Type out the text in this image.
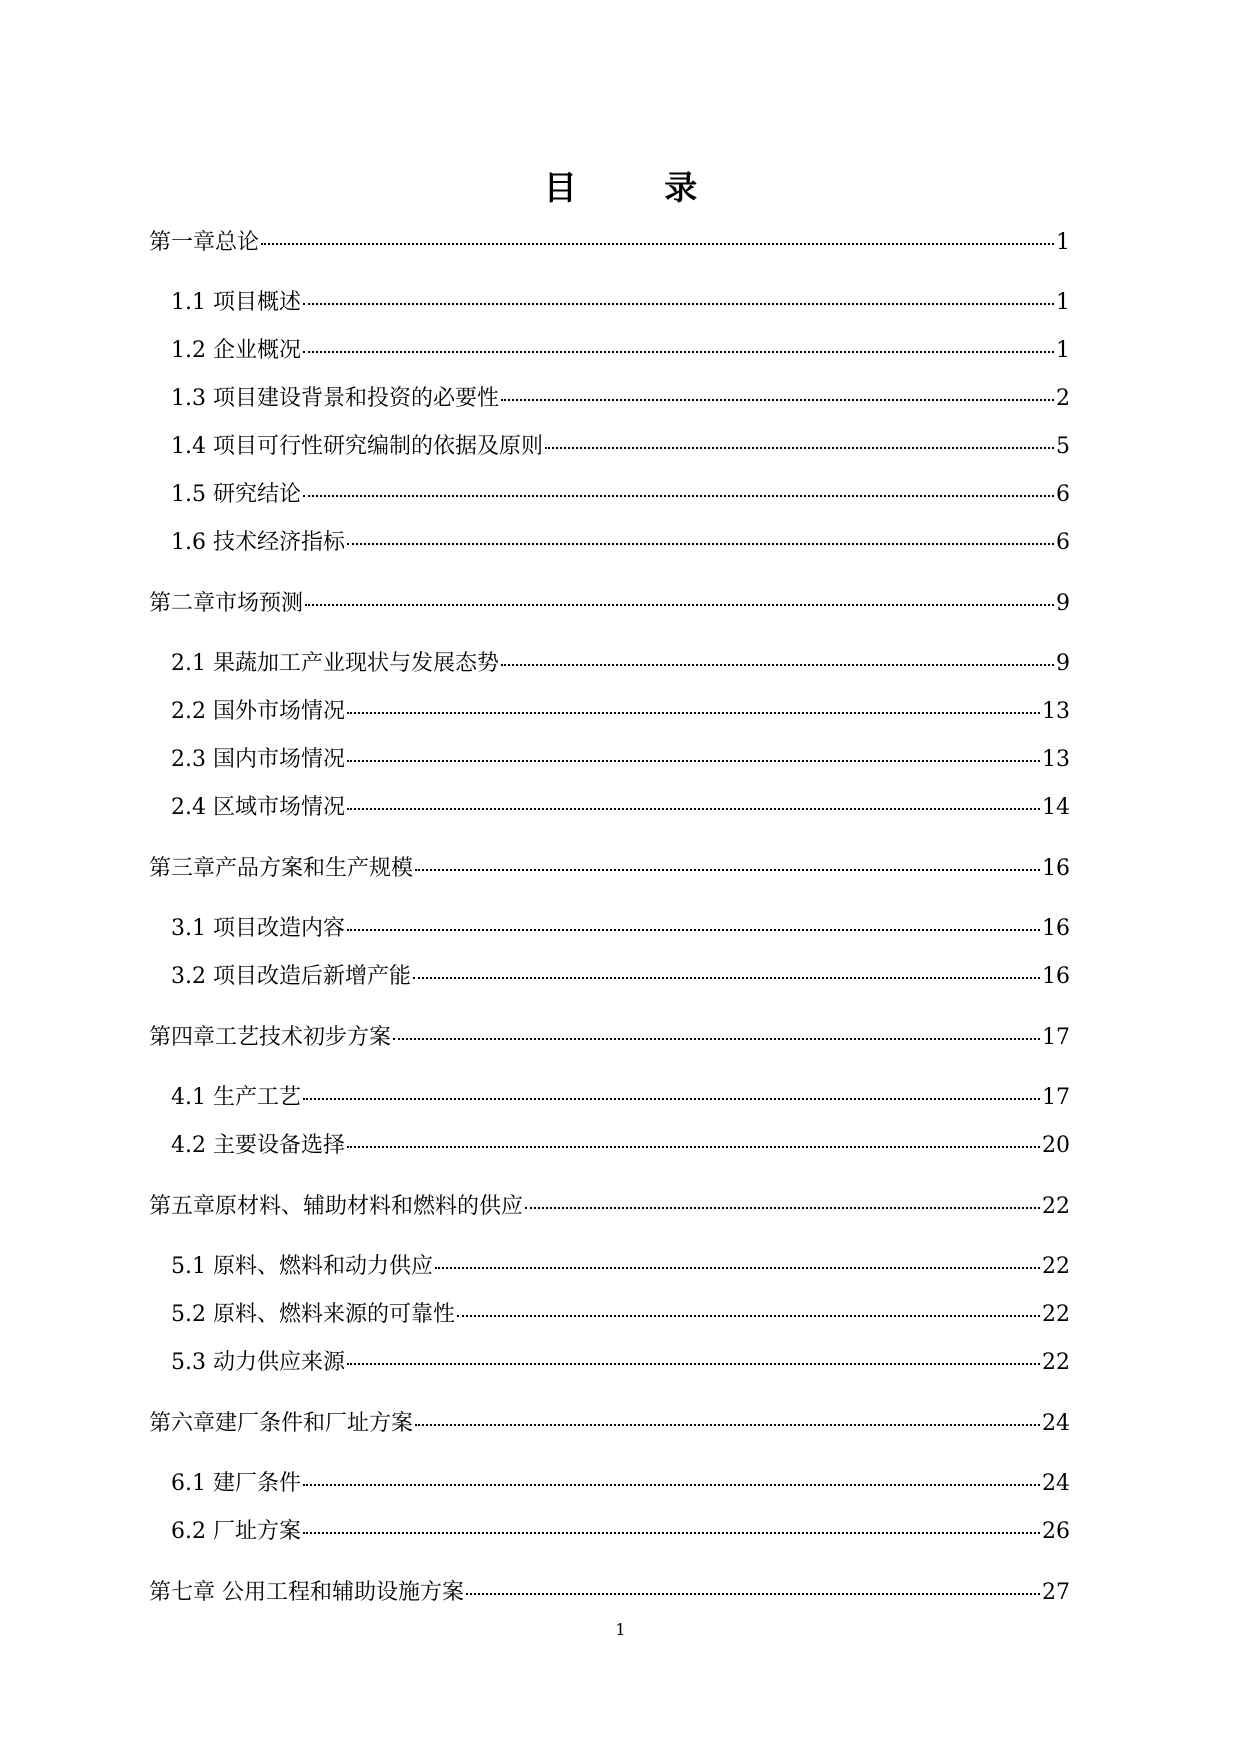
目 录
第一章总论	1
1.1 项目概述	1
1.2 企业概况	1
1.3 项目建设背景和投资的必要性	2
1.4 项目可行性研究编制的依据及原则	5
1.5 研究结论	6
1.6 技术经济指标	6
第二章市场预测	9
2.1 果蔬加工产业现状与发展态势	9
2.2 国外市场情况	13
2.3 国内市场情况	13
2.4 区域市场情况	14
第三章产品方案和生产规模	16
3.1 项目改造内容	16
3.2 项目改造后新增产能	16
第四章工艺技术初步方案	17
4.1 生产工艺	17
4.2 主要设备选择	20
第五章原材料、辅助材料和燃料的供应	22
5.1 原料、燃料和动力供应	22
5.2 原料、燃料来源的可靠性	22
5.3 动力供应来源	22
第六章建厂条件和厂址方案	24
6.1 建厂条件	24
6.2 厂址方案	26
第七章 公用工程和辅助设施方案	27
1
